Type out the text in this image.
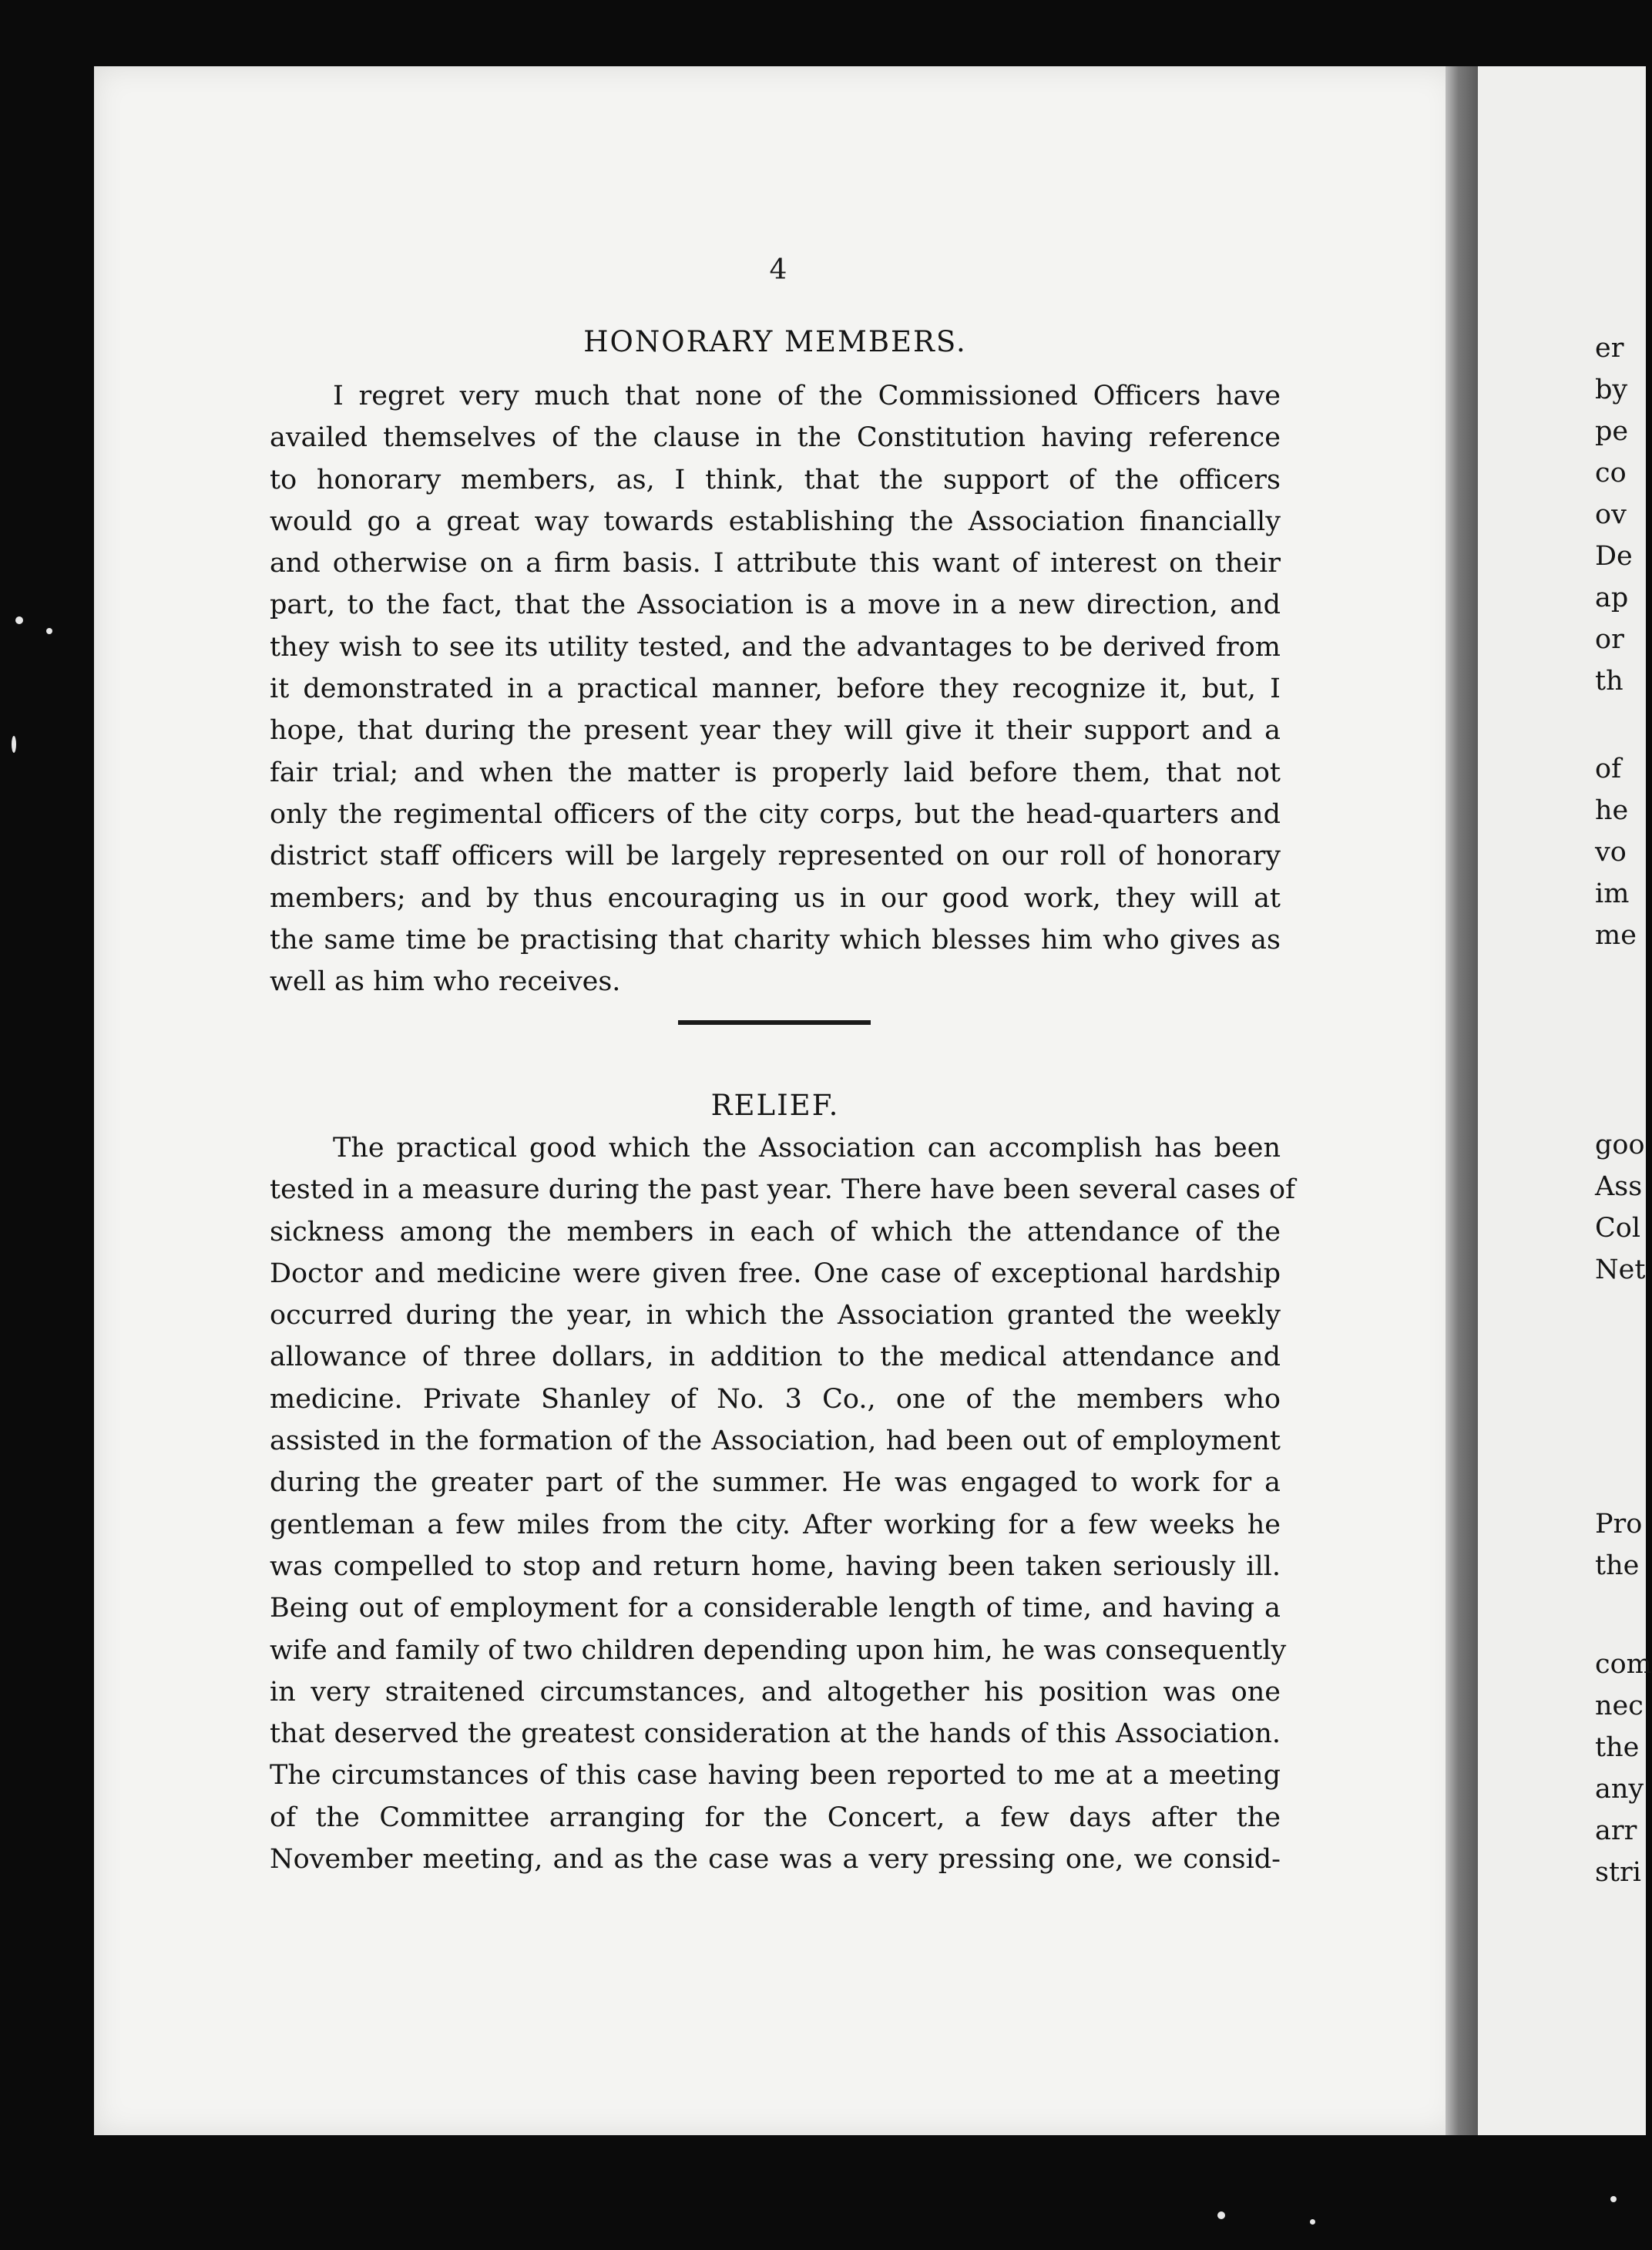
4
HONORARY MEMBERS.
I regret very much that none of the Commissioned Officers have
availed themselves of the clause in the Constitution having reference
to honorary members, as, I think, that the support of the officers
would go a great way towards establishing the Association financially
and otherwise on a firm basis. I attribute this want of interest on their
part, to the fact, that the Association is a move in a new direction, and
they wish to see its utility tested, and the advantages to be derived from
it demonstrated in a practical manner, before they recognize it, but, I
hope, that during the present year they will give it their support and a
fair trial; and when the matter is properly laid before them, that not
only the regimental officers of the city corps, but the head-quarters and
district staff officers will be largely represented on our roll of honorary
members; and by thus encouraging us in our good work, they will at
the same time be practising that charity which blesses him who gives as
well as him who receives.
RELIEF.
The practical good which the Association can accomplish has been
tested in a measure during the past year. There have been several cases of
sickness among the members in each of which the attendance of the
Doctor and medicine were given free. One case of exceptional hardship
occurred during the year, in which the Association granted the weekly
allowance of three dollars, in addition to the medical attendance and
medicine. Private Shanley of No. 3 Co., one of the members who
assisted in the formation of the Association, had been out of employment
during the greater part of the summer. He was engaged to work for a
gentleman a few miles from the city. After working for a few weeks he
was compelled to stop and return home, having been taken seriously ill.
Being out of employment for a considerable length of time, and having a
wife and family of two children depending upon him, he was consequently
in very straitened circumstances, and altogether his position was one
that deserved the greatest consideration at the hands of this Association.
The circumstances of this case having been reported to me at a meeting
of the Committee arranging for the Concert, a few days after the
November meeting, and as the case was a very pressing one, we consid-
er
by
pe
co
ov
De
ap
or
th
of
he
vo
im
me
goo
Ass
Col
Net
Pro
the
com
nec
the
any
arr
stri
